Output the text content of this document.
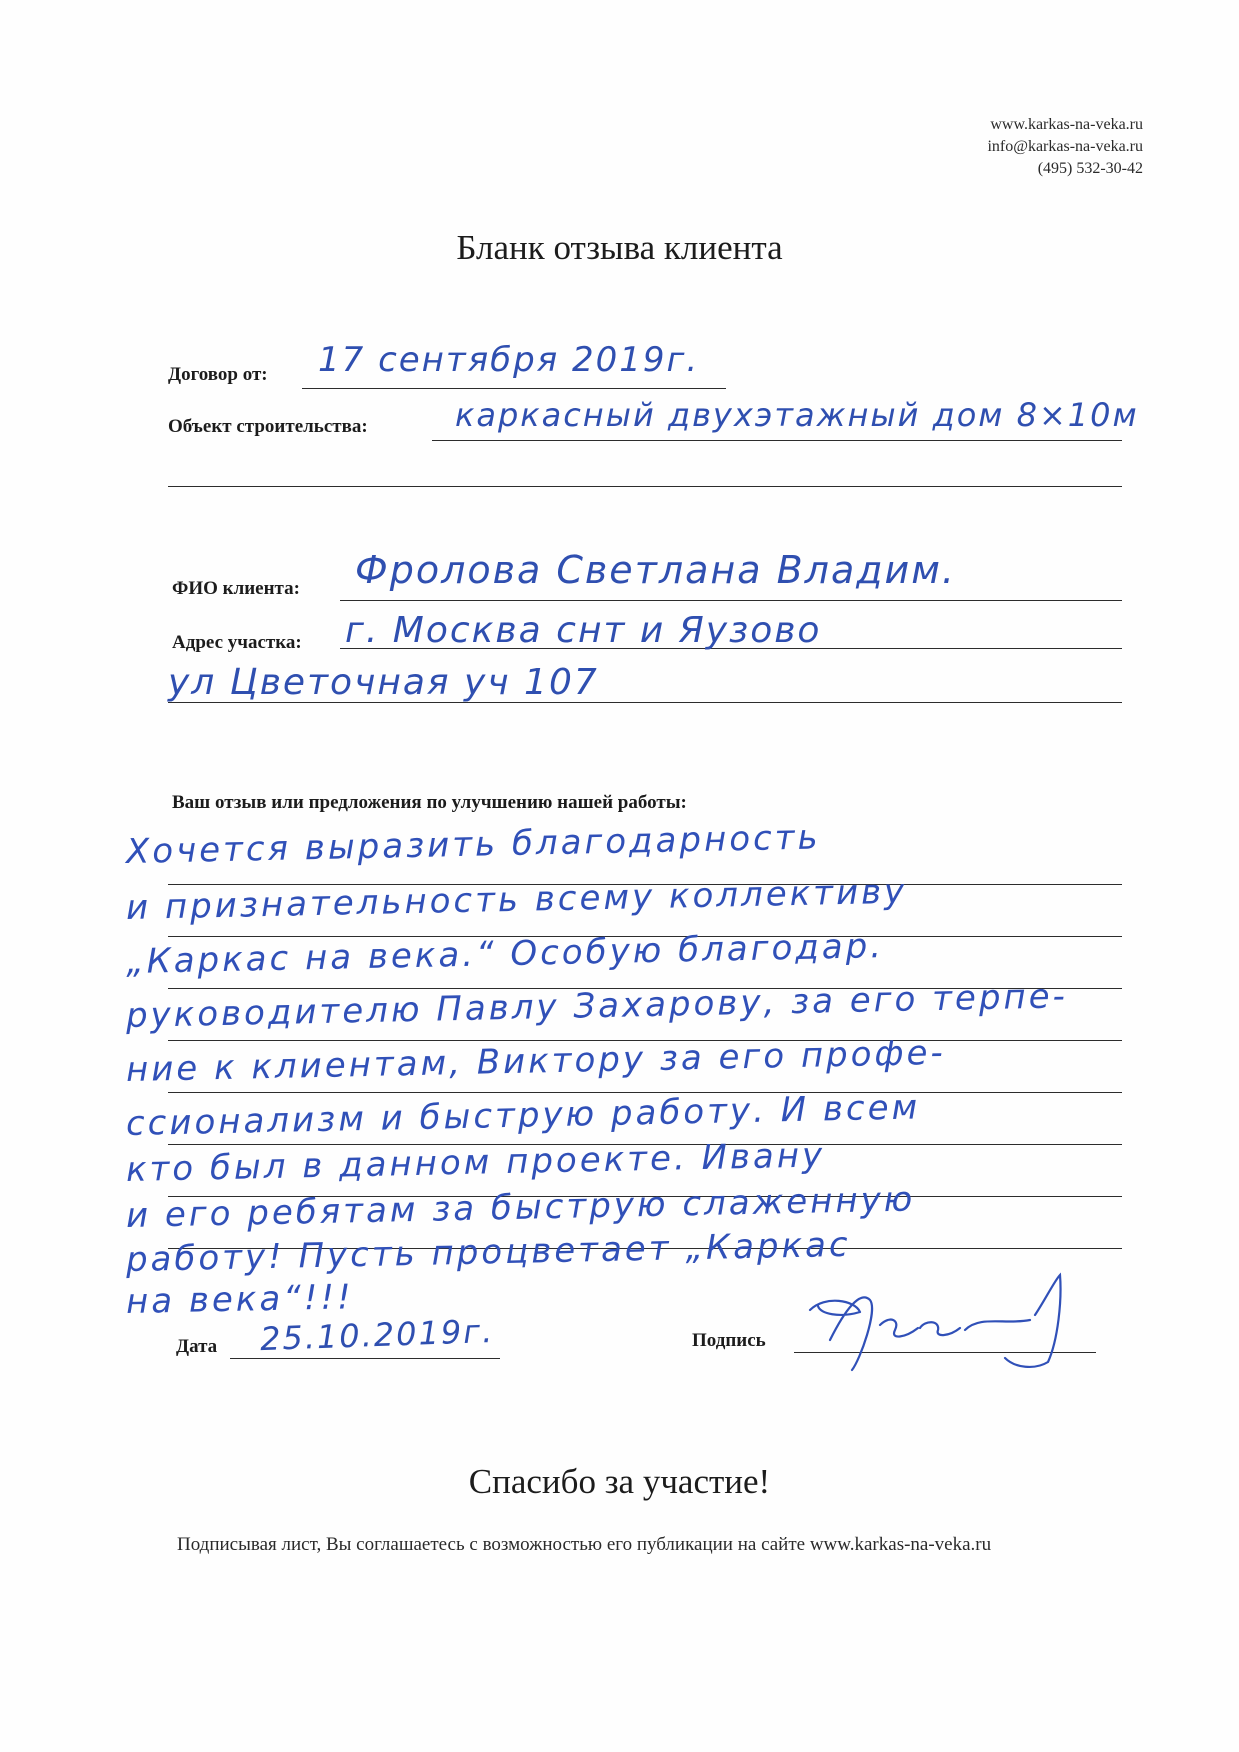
www.karkas-na-veka.ru
info@karkas-na-veka.ru
(495) 532-30-42
Бланк отзыва клиента
Договор от: 17 сентября 2019г.
Объект строительства:	каркасный двухэтажный дом 8×10м
ФИО клиента: Фроловa Светлана Владим.
Адрес участка: г. Москва снт и Яузово
ул Цветочная уч 107
Ваш отзыв или предложения по улучшению нашей работы:
Хочется выразить благодарность
и признательность всему коллективу
„Каркас на века.“ Особую благодар.
руководителю Павлу Захарову, за его терпе-
ние к клиентам, Виктору за его профе-
ссионализм и быструю работу. И всем
кто был в данном проекте. Ивану
и его ребятам за быструю слаженную
работу! Пусть процветает „Каркас
на века“!!!
Дата 25.10.2019г.	Подпись
Спасибо за участие!
Подписывая лист, Вы соглашаетесь с возможностью его публикации на сайте www.karkas-na-veka.ru
